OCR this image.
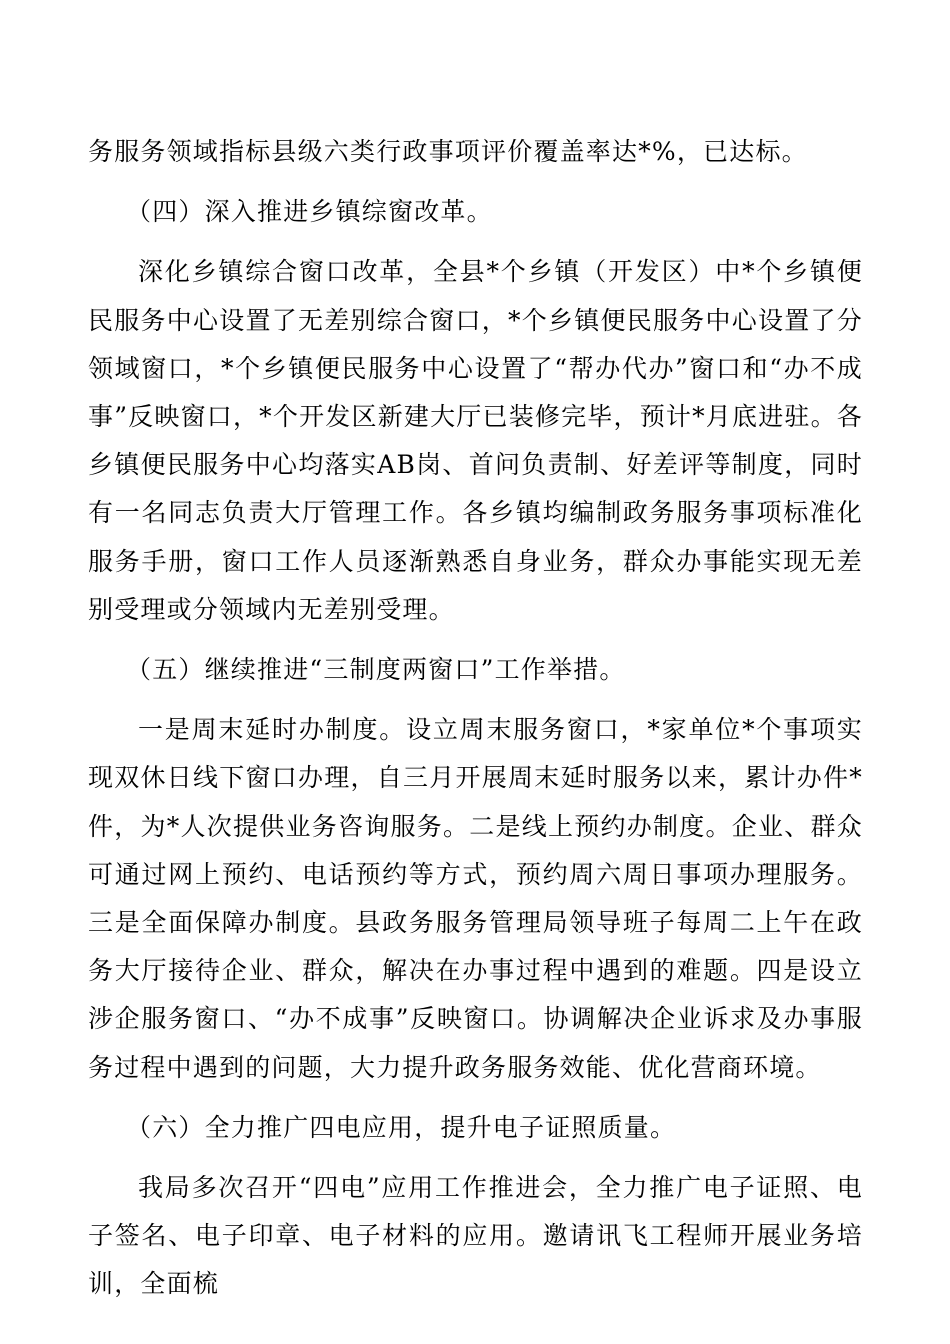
务服务领域指标县级六类行政事项评价覆盖率达*%，已达标。

（四）深入推进乡镇综窗改革。

深化乡镇综合窗口改革，全县*个乡镇（开发区）中*个乡镇便民服务中心设置了无差别综合窗口，*个乡镇便民服务中心设置了分领域窗口，*个乡镇便民服务中心设置了“帮办代办”窗口和“办不成事”反映窗口，*个开发区新建大厅已装修完毕，预计*月底进驻。各乡镇便民服务中心均落实AB岗、首问负责制、好差评等制度，同时有一名同志负责大厅管理工作。各乡镇均编制政务服务事项标准化服务手册，窗口工作人员逐渐熟悉自身业务，群众办事能实现无差别受理或分领域内无差别受理。

（五）继续推进“三制度两窗口”工作举措。

一是周末延时办制度。设立周末服务窗口，*家单位*个事项实现双休日线下窗口办理，自三月开展周末延时服务以来，累计办件*件，为*人次提供业务咨询服务。二是线上预约办制度。企业、群众可通过网上预约、电话预约等方式，预约周六周日事项办理服务。三是全面保障办制度。县政务服务管理局领导班子每周二上午在政务大厅接待企业、群众，解决在办事过程中遇到的难题。四是设立涉企服务窗口、“办不成事”反映窗口。协调解决企业诉求及办事服务过程中遇到的问题，大力提升政务服务效能、优化营商环境。

（六）全力推广四电应用，提升电子证照质量。

我局多次召开“四电”应用工作推进会，全力推广电子证照、电子签名、电子印章、电子材料的应用。邀请讯飞工程师开展业务培训，全面梳
